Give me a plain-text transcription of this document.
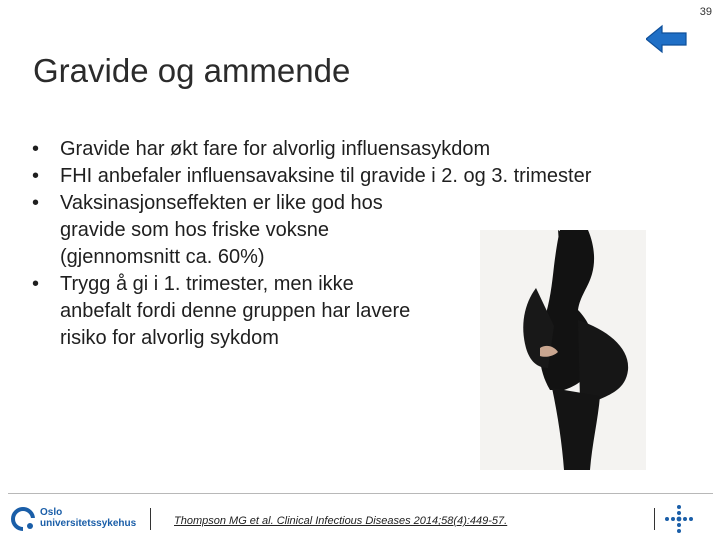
39
Gravide og ammende
• Gravide har økt fare for alvorlig influensasykdom
• FHI anbefaler influensavaksine til gravide i 2. og 3. trimester
• Vaksinasjonseffekten er like god hos gravide som hos friske voksne (gjennomsnitt ca. 60%)
• Trygg å gi i 1. trimester, men ikke anbefalt fordi denne gruppen har lavere risiko for alvorlig sykdom
Oslo
universitetssykehus	Thompson MG et al. Clinical Infectious Diseases 2014;58(4):449-57.
